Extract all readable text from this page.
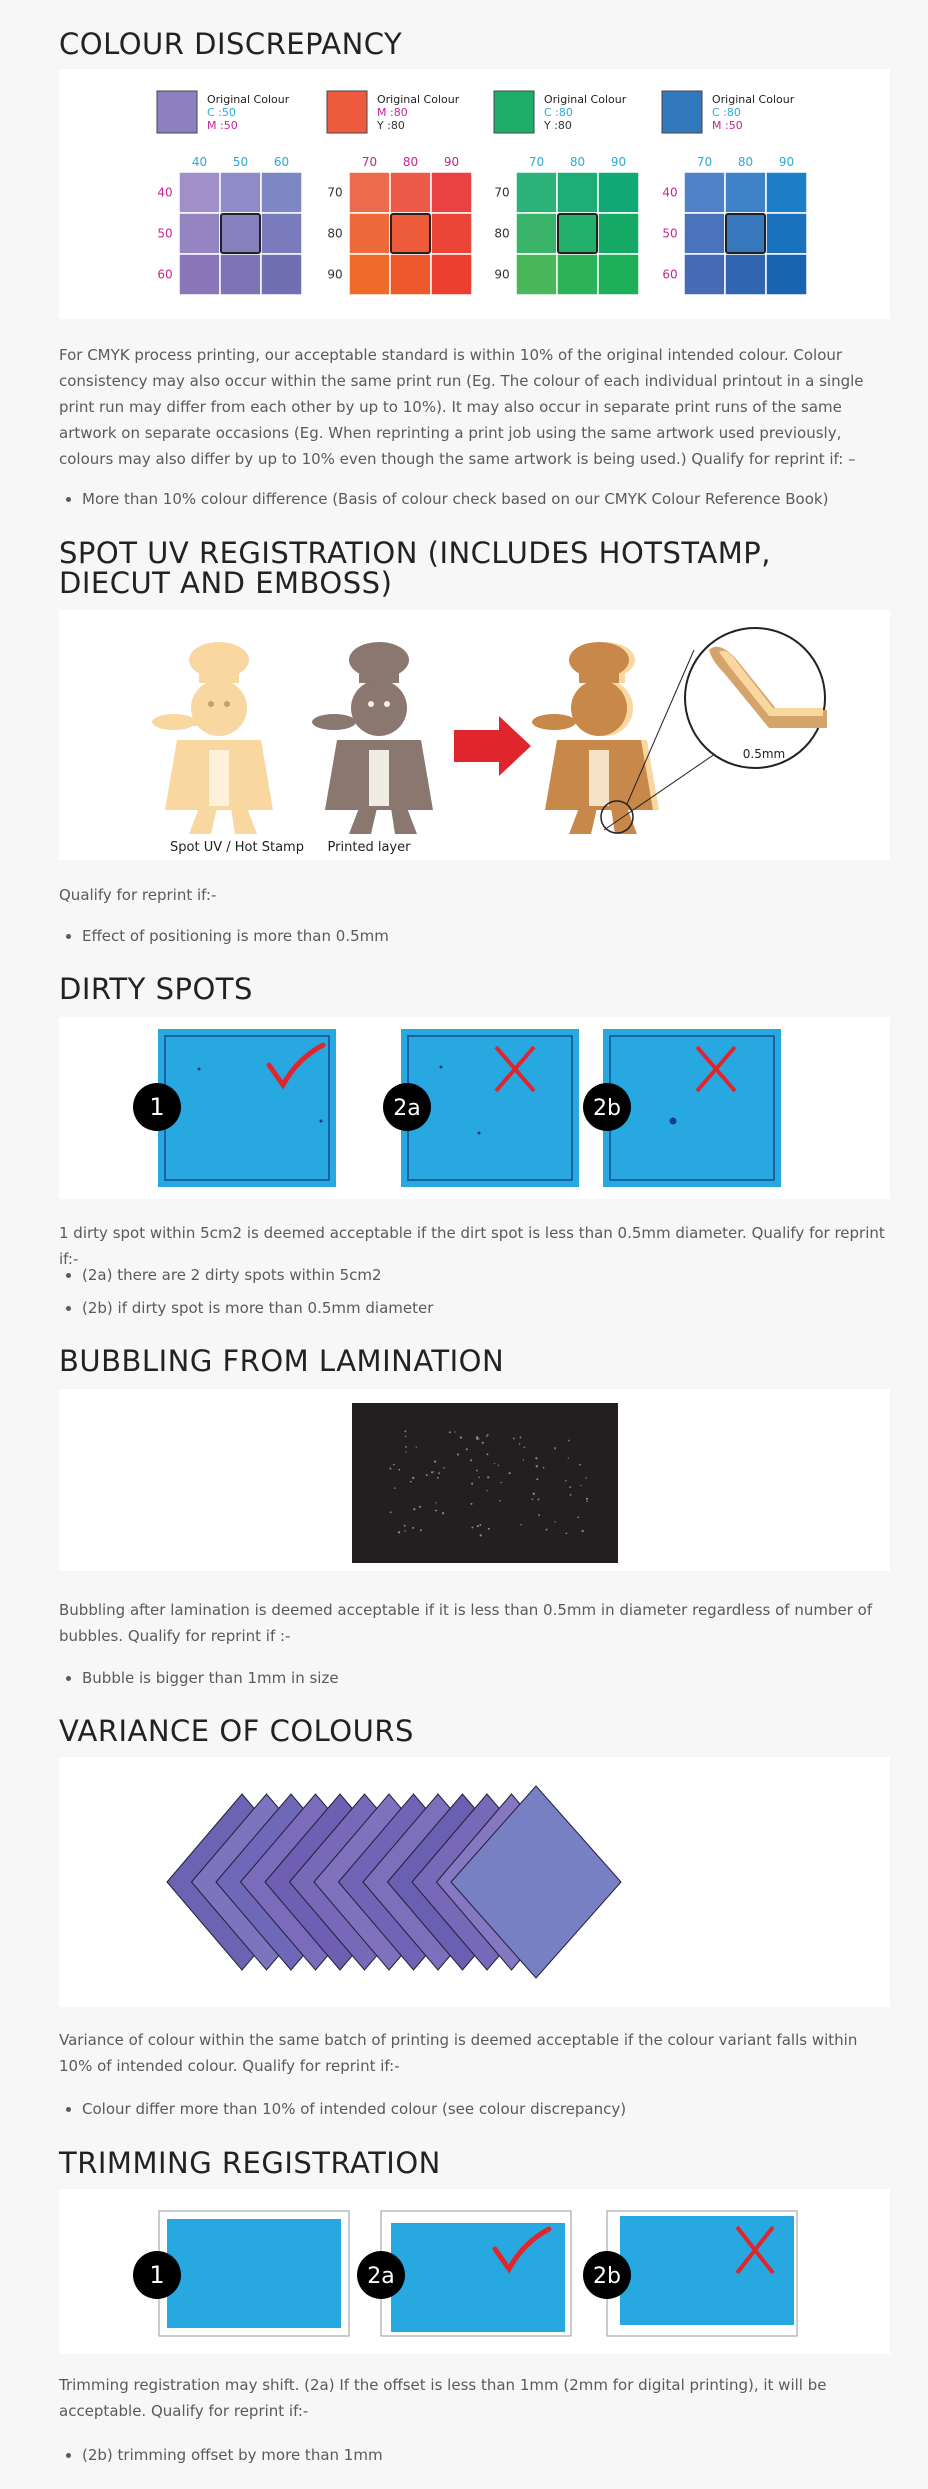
COLOUR DISCREPANCY
Original Colour
C :50
M :50
40 50 60
40
50
60
Original Colour
M :80
Y :80
70 80 90
70
80
90
Original Colour
C :80
Y :80
70 80 90
70
80
90
Original Colour
C :80
M :50
70 80 90
40
50
60

For CMYK process printing, our acceptable standard is within 10% of the original intended colour. Colour consistency may also occur within the same print run (Eg. The colour of each individual printout in a single print run may differ from each other by up to 10%). It may also occur in separate print runs of the same artwork on separate occasions (Eg. When reprinting a print job using the same artwork used previously, colours may also differ by up to 10% even though the same artwork is being used.) Qualify for reprint if: –

• More than 10% colour difference (Basis of colour check based on our CMYK Colour Reference Book)
SPOT UV REGISTRATION (INCLUDES HOTSTAMP, DIECUT AND EMBOSS)
0.5mm
Spot UV / Hot Stamp Printed layer

Qualify for reprint if:-

• Effect of positioning is more than 0.5mm
DIRTY SPOTS
1	2a	2b

1 dirty spot within 5cm2 is deemed acceptable if the dirt spot is less than 0.5mm diameter. Qualify for reprint if:-

• (2a) there are 2 dirty spots within 5cm2
• (2b) if dirty spot is more than 0.5mm diameter
BUBBLING FROM LAMINATION

Bubbling after lamination is deemed acceptable if it is less than 0.5mm in diameter regardless of number of bubbles. Qualify for reprint if :-

• Bubble is bigger than 1mm in size
VARIANCE OF COLOURS

Variance of colour within the same batch of printing is deemed acceptable if the colour variant falls within 10% of intended colour. Qualify for reprint if:-

• Colour differ more than 10% of intended colour (see colour discrepancy)
TRIMMING REGISTRATION
1	2a	2b

Trimming registration may shift. (2a) If the offset is less than 1mm (2mm for digital printing), it will be acceptable. Qualify for reprint if:-

• (2b) trimming offset by more than 1mm
